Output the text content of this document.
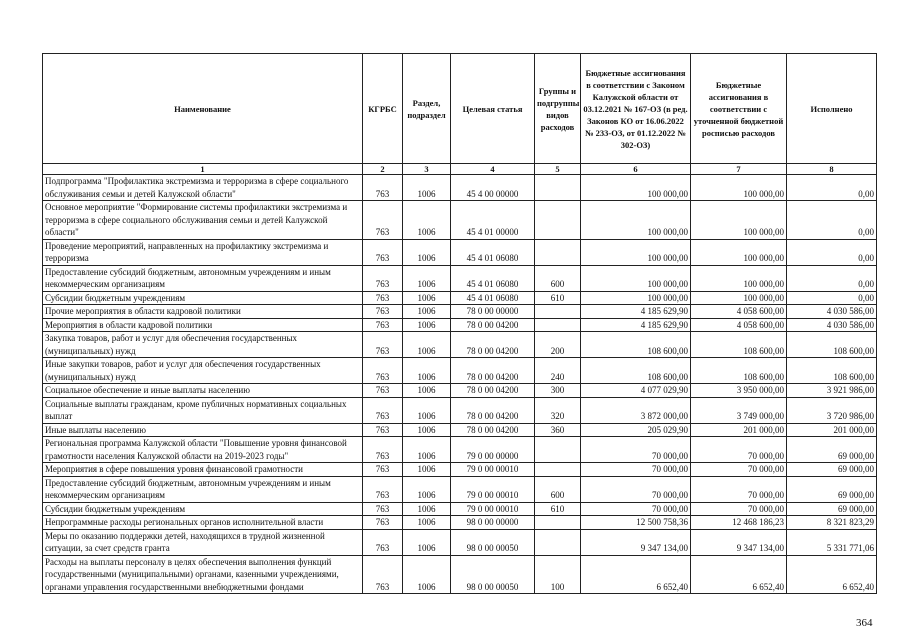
Наименование	КГРБС	Раздел, подраздел	Целевая статья	Группы и подгруппы видов расходов	Бюджетные ассигнования в соответствии с Законом Калужской области от 03.12.2021 № 167-ОЗ (в ред. Законов КО от 16.06.2022 № 233-ОЗ, от 01.12.2022 № 302-ОЗ)	Бюджетные ассигнования в соответствии с уточненной бюджетной росписью расходов	Исполнено
1	2	3	4	5	6	7	8
Подпрограмма "Профилактика экстремизма и терроризма в сфере социального обслуживания семьи и детей Калужской области"	763	1006	45 4 00 00000		100 000,00	100 000,00	0,00
Основное мероприятие "Формирование системы профилактики экстремизма и терроризма в сфере социального обслуживания семьи и детей Калужской области"	763	1006	45 4 01 00000		100 000,00	100 000,00	0,00
Проведение мероприятий, направленных на профилактику экстремизма и терроризма	763	1006	45 4 01 06080		100 000,00	100 000,00	0,00
Предоставление субсидий бюджетным, автономным учреждениям и иным некоммерческим организациям	763	1006	45 4 01 06080	600	100 000,00	100 000,00	0,00
Субсидии бюджетным учреждениям	763	1006	45 4 01 06080	610	100 000,00	100 000,00	0,00
Прочие мероприятия в области кадровой политики	763	1006	78 0 00 00000		4 185 629,90	4 058 600,00	4 030 586,00
Мероприятия в области кадровой политики	763	1006	78 0 00 04200		4 185 629,90	4 058 600,00	4 030 586,00
Закупка товаров, работ и услуг для обеспечения государственных (муниципальных) нужд	763	1006	78 0 00 04200	200	108 600,00	108 600,00	108 600,00
Иные закупки товаров, работ и услуг для обеспечения государственных (муниципальных) нужд	763	1006	78 0 00 04200	240	108 600,00	108 600,00	108 600,00
Социальное обеспечение и иные выплаты населению	763	1006	78 0 00 04200	300	4 077 029,90	3 950 000,00	3 921 986,00
Социальные выплаты гражданам, кроме публичных нормативных социальных выплат	763	1006	78 0 00 04200	320	3 872 000,00	3 749 000,00	3 720 986,00
Иные выплаты населению	763	1006	78 0 00 04200	360	205 029,90	201 000,00	201 000,00
Региональная программа Калужской области "Повышение уровня финансовой грамотности населения Калужской области на 2019-2023 годы"	763	1006	79 0 00 00000		70 000,00	70 000,00	69 000,00
Мероприятия в сфере повышения уровня финансовой грамотности	763	1006	79 0 00 00010		70 000,00	70 000,00	69 000,00
Предоставление субсидий бюджетным, автономным учреждениям и иным некоммерческим организациям	763	1006	79 0 00 00010	600	70 000,00	70 000,00	69 000,00
Субсидии бюджетным учреждениям	763	1006	79 0 00 00010	610	70 000,00	70 000,00	69 000,00
Непрограммные расходы региональных органов исполнительной власти	763	1006	98 0 00 00000		12 500 758,36	12 468 186,23	8 321 823,29
Меры по оказанию поддержки детей, находящихся в трудной жизненной ситуации, за счет средств гранта	763	1006	98 0 00 00050		9 347 134,00	9 347 134,00	5 331 771,06
Расходы на выплаты персоналу в целях обеспечения выполнения функций государственными (муниципальными) органами, казенными учреждениями, органами управления государственными внебюджетными фондами	763	1006	98 0 00 00050	100	6 652,40	6 652,40	6 652,40
364
